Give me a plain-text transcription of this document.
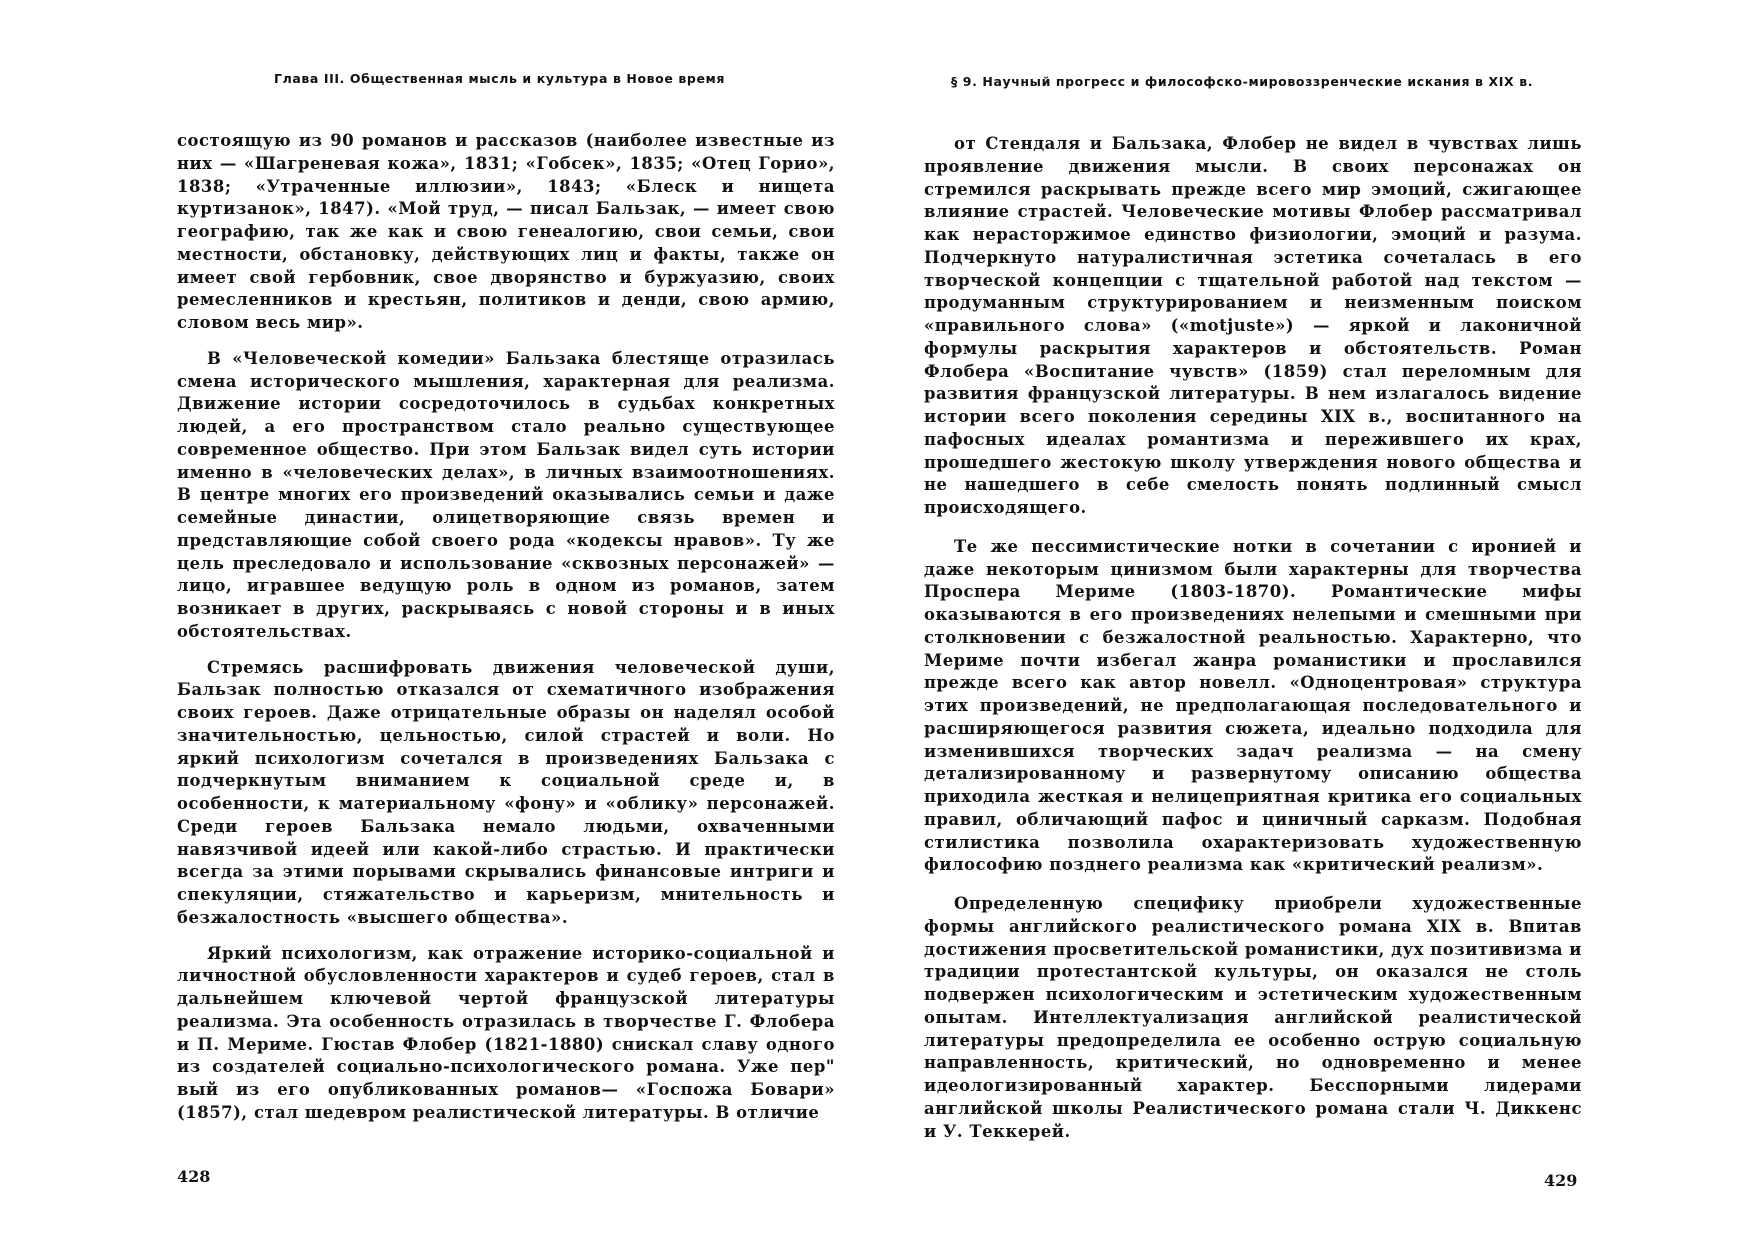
Глава III. Общественная мысль и культура в Новое время

состоящую из 90 романов и рассказов (наиболее известные из них — «Шагреневая кожа», 1831; «Гобсек», 1835; «Отец Горио», 1838; «Утраченные иллюзии», 1843; «Блеск и нищета куртизанок», 1847). «Мой труд, — писал Бальзак, — имеет свою географию, так же как и свою генеалогию, свои семьи, свои местности, обстановку, действующих лиц и факты, также он имеет свой гербовник, свое дворянство и буржуазию, своих ремесленников и крестьян, политиков и денди, свою армию, словом весь мир».

В «Человеческой комедии» Бальзака блестяще отразилась смена исторического мышления, характерная для реализма. Движение истории сосредоточилось в судьбах конкретных людей, а его пространством стало реально существующее современное общество. При этом Бальзак видел суть истории именно в «человеческих делах», в личных взаимоотношениях. В центре многих его произведений оказывались семьи и даже семейные династии, олицетворяющие связь времен и представляющие собой своего рода «кодексы нравов». Ту же цель преследовало и использование «сквозных персонажей» — лицо, игравшее ведущую роль в одном из романов, затем возникает в других, раскрываясь с новой стороны и в иных обстоятельствах.

Стремясь расшифровать движения человеческой души, Бальзак полностью отказался от схематичного изображения своих героев. Даже отрицательные образы он наделял особой значительностью, цельностью, силой страстей и воли. Но яркий психологизм сочетался в произведениях Бальзака с подчеркнутым вниманием к социальной среде и, в особенности, к материальному «фону» и «облику» персонажей. Среди героев Бальзака немало людьми, охваченными навязчивой идеей или какой-либо страстью. И практически всегда за этими порывами скрывались финансовые интриги и спекуляции, стяжательство и карьеризм, мнительность и безжалостность «высшего общества».

Яркий психологизм, как отражение историко-социальной и личностной обусловленности характеров и судеб героев, стал в дальнейшем ключевой чертой французской литературы реализма. Эта особенность отразилась в творчестве Г. Флобера и П. Мериме. Гюстав Флобер (1821-1880) снискал славу одного из создателей социально-психологического романа. Уже пер" вый из его опубликованных романов— «Госпожа Бовари» (1857), стал шедевром реалистической литературы. В отличие

428
§ 9. Научный прогресс и философско-мировоззренческие искания в XIX в.

от Стендаля и Бальзака, Флобер не видел в чувствах лишь проявление движения мысли. В своих персонажах он стремился раскрывать прежде всего мир эмоций, сжигающее влияние страстей. Человеческие мотивы Флобер рассматривал как нерасторжимое единство физиологии, эмоций и разума. Подчеркнуто натуралистичная эстетика сочеталась в его творческой концепции с тщательной работой над текстом — продуманным структурированием и неизменным поиском «правильного слова» («motjuste») — яркой и лаконичной формулы раскрытия характеров и обстоятельств. Роман Флобера «Воспитание чувств» (1859) стал переломным для развития французской литературы. В нем излагалось видение истории всего поколения середины XIX в., воспитанного на пафосных идеалах романтизма и пережившего их крах, прошедшего жестокую школу утверждения нового общества и не нашедшего в себе смелость понять подлинный смысл происходящего.

Те же пессимистические нотки в сочетании с иронией и даже некоторым цинизмом были характерны для творчества Проспера Мериме (1803-1870). Романтические мифы оказываются в его произведениях нелепыми и смешными при столкновении с безжалостной реальностью. Характерно, что Мериме почти избегал жанра романистики и прославился прежде всего как автор новелл. «Одноцентровая» структура этих произведений, не предполагающая последовательного и расширяющегося развития сюжета, идеально подходила для изменившихся творческих задач реализма — на смену детализированному и развернутому описанию общества приходила жесткая и нелицеприятная критика его социальных правил, обличающий пафос и циничный сарказм. Подобная стилистика позволила охарактеризовать художественную философию позднего реализма как «критический реализм».

Определенную специфику приобрели художественные формы английского реалистического романа XIX в. Впитав достижения просветительской романистики, дух позитивизма и традиции протестантской культуры, он оказался не столь подвержен психологическим и эстетическим художественным опытам. Интеллектуализация английской реалистической литературы предопределила ее особенно острую социальную направленность, критический, но одновременно и менее идеологизированный характер. Бесспорными лидерами английской школы Реалистического романа стали Ч. Диккенс и У. Теккерей.

429
